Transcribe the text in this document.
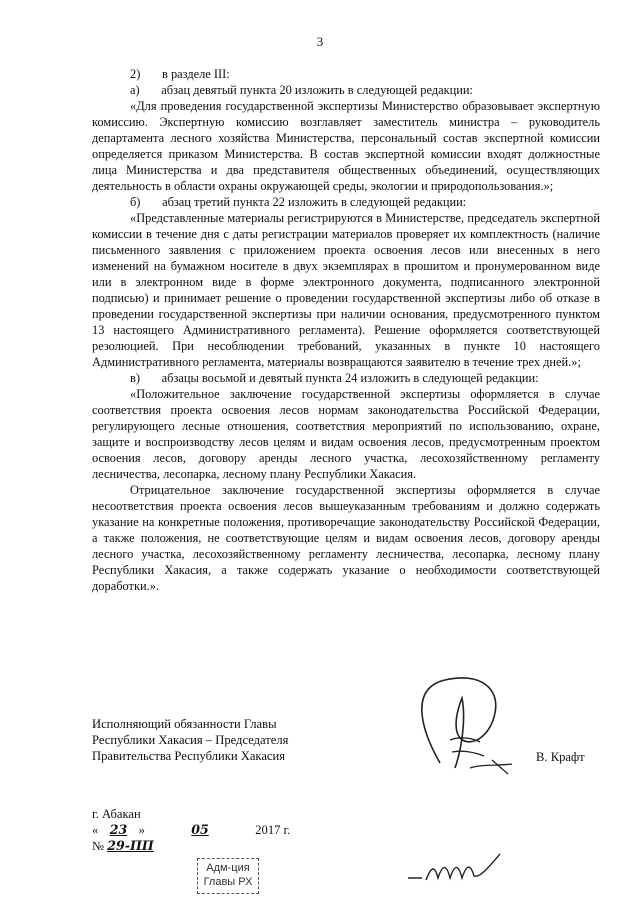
3

2)       в разделе III:

а)       абзац девятый пункта 20 изложить в следующей редакции:

«Для проведения государственной экспертизы Министерство образовывает экспертную комиссию. Экспертную комиссию возглавляет заместитель министра – руководитель департамента лесного хозяйства Министерства, персональный состав экспертной комиссии определяется приказом Министерства. В состав экспертной комиссии входят должностные лица Министерства и два представителя общественных объединений, осуществляющих деятельность в области охраны окружающей среды, экологии и природопользования.»;

б)       абзац третий пункта 22 изложить в следующей редакции:

«Представленные материалы регистрируются в Министерстве, председатель экспертной комиссии в течение дня с даты регистрации материалов проверяет их комплектность (наличие письменного заявления с приложением проекта освоения лесов или внесенных в него изменений на бумажном носителе в двух экземплярах в прошитом и пронумерованном виде или в электронном виде в форме электронного документа, подписанного электронной подписью) и принимает решение о проведении государственной экспертизы либо об отказе в проведении государственной экспертизы при наличии основания, предусмотренного пунктом 13 настоящего Административного регламента). Решение оформляется соответствующей резолюцией. При несоблюдении требований, указанных в пункте 10 настоящего Административного регламента, материалы возвращаются заявителю в течение трех дней.»;

в)       абзацы восьмой и девятый пункта 24 изложить в следующей редакции:

«Положительное заключение государственной экспертизы оформляется в случае соответствия проекта освоения лесов нормам законодательства Российской Федерации, регулирующего лесные отношения, соответствия мероприятий по использованию, охране, защите и воспроизводству лесов целям и видам освоения лесов, предусмотренным проектом освоения лесов, договору аренды лесного участка, лесохозяйственному регламенту лесничества, лесопарка, лесному плану Республики Хакасия.

Отрицательное заключение государственной экспертизы оформляется в случае несоответствия проекта освоения лесов вышеуказанным требованиям и должно содержать указание на конкретные положения, противоречащие законодательству Российской Федерации, а также положения, не соответствующие целям и видам освоения лесов, договору аренды лесного участка, лесохозяйственному регламенту лесничества, лесопарка, лесному плану Республики Хакасия, а также содержать указание о необходимости соответствующей доработки.».

Исполняющий обязанности Главы
Республики Хакасия – Председателя
Правительства Республики Хакасия	В. Крафт
г. Абакан
« 23 »	05	2017 г.
№ 29-ПП
Адм-ция
Главы РХ
